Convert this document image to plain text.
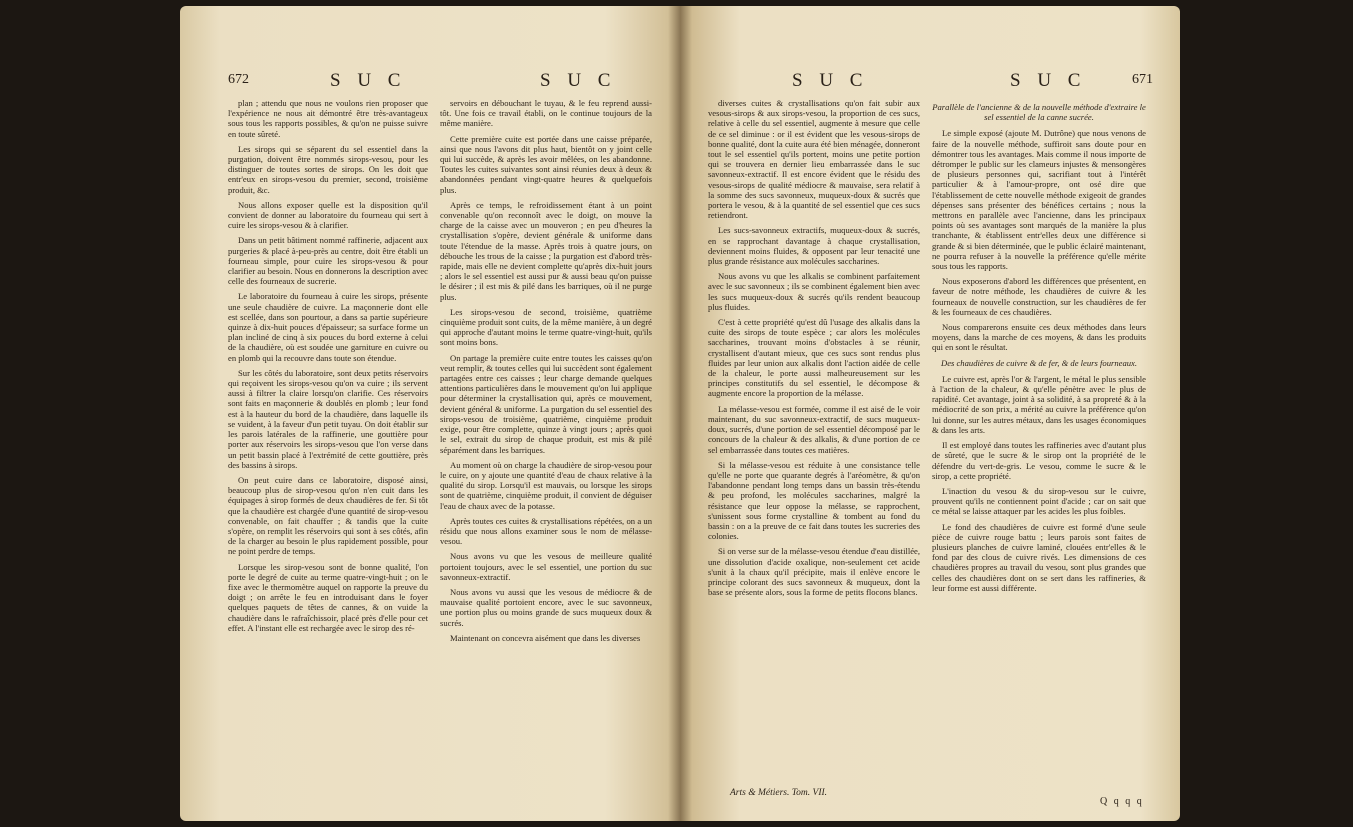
672	S U C	S U C

plan ; attendu que nous ne voulons rien proposer que l'expérience ne nous ait démontré être très-avantageux sous tous les rapports possibles, & qu'on ne puisse suivre en toute sûreté.

Les sirops qui se séparent du sel essentiel dans la purgation, doivent être nommés sirops-vesou, pour les distinguer de toutes sortes de sirops. On les doit que entr'eux en sirops-vesou du premier, second, troisième produit, &c.

Nous allons exposer quelle est la disposition qu'il convient de donner au laboratoire du fourneau qui sert à cuire les sirops-vesou & à clarifier.

Dans un petit bâtiment nommé raffinerie, adjacent aux purgeries & placé à-peu-près au centre, doit être établi un fourneau simple, pour cuire les sirops-vesou & pour clarifier au besoin. Nous en donnerons la description avec celle des fourneaux de sucrerie.

Le laboratoire du fourneau à cuire les sirops, présente une seule chaudière de cuivre. La maçonnerie dont elle est scellée, dans son pourtour, a dans sa partie supérieure quinze à dix-huit pouces d'épaisseur; sa surface forme un plan incliné de cinq à six pouces du bord externe à celui de la chaudière, où est soudée une garniture en cuivre ou en plomb qui la recouvre dans toute son étendue.

Sur les côtés du laboratoire, sont deux petits réservoirs qui reçoivent les sirops-vesou qu'on va cuire ; ils servent aussi à filtrer la claire lorsqu'on clarifie. Ces réservoirs sont faits en maçonnerie & doublés en plomb ; leur fond est à la hauteur du bord de la chaudière, dans laquelle ils se vuident, à la faveur d'un petit tuyau. On doit établir sur les parois latérales de la raffinerie, une gouttière pour porter aux réservoirs les sirops-vesou que l'on verse dans un petit bassin placé à l'extrémité de cette gouttière, près des bassins à sirops.

On peut cuire dans ce laboratoire, disposé ainsi, beaucoup plus de sirop-vesou qu'on n'en cuit dans les équipages à sirop formés de deux chaudières de fer. Si tôt que la chaudière est chargée d'une quantité de sirop-vesou convenable, on fait chauffer ; & tandis que la cuite s'opère, on remplit les réservoirs qui sont à ses côtés, afin de la charger au besoin le plus rapidement possible, pour ne point perdre de temps.

Lorsque les sirop-vesou sont de bonne qualité, l'on porte le degré de cuite au terme quatre-vingt-huit ; on le fixe avec le thermomètre auquel on rapporte la preuve du doigt ; on arrête le feu en introduisant dans le foyer quelques paquets de têtes de cannes, & on vuide la chaudière dans le rafraîchissoir, placé près d'elle pour cet effet. A l'instant elle est rechargée avec le sirop des ré-

servoirs en débouchant le tuyau, & le feu reprend aussi-tôt. Une fois ce travail établi, on le continue toujours de la même manière.

Cette première cuite est portée dans une caisse préparée, ainsi que nous l'avons dit plus haut, bientôt on y joint celle qui lui succède, & après les avoir mêlées, on les abandonne. Toutes les cuites suivantes sont ainsi réunies deux à deux & abandonnées pendant vingt-quatre heures & quelquefois plus.

Après ce temps, le refroidissement étant à un point convenable qu'on reconnoît avec le doigt, on mouve la charge de la caisse avec un mouveron ; en peu d'heures la crystallisation s'opère, devient générale & uniforme dans toute l'étendue de la masse. Après trois à quatre jours, on débouche les trous de la caisse ; la purgation est d'abord très-rapide, mais elle ne devient complette qu'après dix-huit jours ; alors le sel essentiel est aussi pur & aussi beau qu'on puisse le désirer ; il est mis & pilé dans les barriques, où il ne purge plus.

Les sirops-vesou de second, troisième, quatrième cinquième produit sont cuits, de la même manière, à un degré qui approche d'autant moins le terme quatre-vingt-huit, qu'ils sont moins bons.

On partage la première cuite entre toutes les caisses qu'on veut remplir, & toutes celles qui lui succèdent sont également partagées entre ces caisses ; leur charge demande quelques attentions particulières dans le mouvement qu'on lui applique pour déterminer la crystallisation qui, après ce mouvement, devient général & uniforme. La purgation du sel essentiel des sirops-vesou de troisième, quatrième, cinquième produit exige, pour être complette, quinze à vingt jours ; après quoi le sel, extrait du sirop de chaque produit, est mis & pilé séparément dans les barriques.

Au moment où on charge la chaudière de sirop-vesou pour le cuire, on y ajoute une quantité d'eau de chaux relative à la qualité du sirop. Lorsqu'il est mauvais, ou lorsque les sirops sont de quatrième, cinquième produit, il convient de déguiser l'eau de chaux avec de la potasse.

Après toutes ces cuites & crystallisations répétées, on a un résidu que nous allons examiner sous le nom de mélasse-vesou.

Nous avons vu que les vesous de meilleure qualité portoient toujours, avec le sel essentiel, une portion du suc savonneux-extractif.

Nous avons vu aussi que les vesous de médiocre & de mauvaise qualité portoient encore, avec le suc savonneux, une portion plus ou moins grande de sucs muqueux doux & sucrés.

Maintenant on concevra aisément que dans les diverses

S U C	S U C	671

diverses cuites & crystallisations qu'on fait subir aux vesous-sirops & aux sirops-vesou, la proportion de ces sucs, relative à celle du sel essentiel, augmente à mesure que celle de ce sel diminue : or il est évident que les vesous-sirops de bonne qualité, dont la cuite aura été bien ménagée, donneront tout le sel essentiel qu'ils portent, moins une petite portion qui se trouvera en dernier lieu embarrassée dans le suc savonneux-extractif. Il est encore évident que le résidu des vesous-sirops de qualité médiocre & mauvaise, sera relatif à la somme des sucs savonneux, muqueux-doux & sucrés que portera le vesou, & à la quantité de sel essentiel que ces sucs retiendront.

Les sucs-savonneux extractifs, muqueux-doux & sucrés, en se rapprochant davantage à chaque crystallisation, deviennent moins fluides, & opposent par leur tenacité une plus grande résistance aux molécules saccharines.

Nous avons vu que les alkalis se combinent parfaitement avec le suc savonneux ; ils se combinent également bien avec les sucs muqueux-doux & sucrés qu'ils rendent beaucoup plus fluides.

C'est à cette propriété qu'est dû l'usage des alkalis dans la cuite des sirops de toute espèce ; car alors les molécules saccharines, trouvant moins d'obstacles à se réunir, crystallisent d'autant mieux, que ces sucs sont rendus plus fluides par leur union aux alkalis dont l'action aidée de celle de la chaleur, le porte aussi malheureusement sur les principes constitutifs du sel essentiel, le décompose & augmente encore la proportion de la mélasse.

La mélasse-vesou est formée, comme il est aisé de le voir maintenant, du suc savonneux-extractif, de sucs muqueux-doux, sucrés, d'une portion de sel essentiel décomposé par le concours de la chaleur & des alkalis, & d'une portion de ce sel embarrassée dans toutes ces matières.

Si la mélasse-vesou est réduite à une consistance telle qu'elle ne porte que quarante degrés à l'aréomètre, & qu'on l'abandonne pendant long temps dans un bassin très-étendu & peu profond, les molécules saccharines, malgré la résistance que leur oppose la mélasse, se rapprochent, s'unissent sous forme crystalline & tombent au fond du bassin : on a la preuve de ce fait dans toutes les sucreries des colonies.

Si on verse sur de la mélasse-vesou étendue d'eau distillée, une dissolution d'acide oxalique, non-seulement cet acide s'unit à la chaux qu'il précipite, mais il enlève encore le principe colorant des sucs savonneux & muqueux, dont la base se présente alors, sous la forme de petits flocons blancs.

Arts & Métiers. Tom. VII.

Parallèle de l'ancienne & de la nouvelle méthode d'extraire le sel essentiel de la canne sucrée.

Le simple exposé (ajoute M. Dutrône) que nous venons de faire de la nouvelle méthode, suffiroit sans doute pour en démontrer tous les avantages. Mais comme il nous importe de détromper le public sur les clameurs injustes & mensongères de plusieurs personnes qui, sacrifiant tout à l'intérêt particulier & à l'amour-propre, ont osé dire que l'établissement de cette nouvelle méthode exigeoit de grandes dépenses sans présenter des bénéfices certains ; nous la mettrons en parallèle avec l'ancienne, dans les principaux points où ses avantages sont marqués de la manière la plus tranchante, & établissent entr'elles deux une différence si grande & si bien déterminée, que le public éclairé maintenant, ne pourra refuser à la nouvelle la préférence qu'elle mérite sous tous les rapports.

Nous exposerons d'abord les différences que présentent, en faveur de notre méthode, les chaudières de cuivre & les fourneaux de nouvelle construction, sur les chaudières de fer & les fourneaux de ces chaudières.

Nous comparerons ensuite ces deux méthodes dans leurs moyens, dans la marche de ces moyens, & dans les produits qui en sont le résultat.

Des chaudières de cuivre & de fer, & de leurs fourneaux.

Le cuivre est, après l'or & l'argent, le métal le plus sensible à l'action de la chaleur, & qu'elle pénètre avec le plus de rapidité. Cet avantage, joint à sa solidité, à sa propreté & à la médiocrité de son prix, a mérité au cuivre la préférence qu'on lui donne, sur les autres métaux, dans les usages économiques & dans les arts.

Il est employé dans toutes les raffineries avec d'autant plus de sûreté, que le sucre & le sirop ont la propriété de le défendre du vert-de-gris. Le vesou, comme le sucre & le sirop, a cette propriété.

L'inaction du vesou & du sirop-vesou sur le cuivre, prouvent qu'ils ne contiennent point d'acide ; car on sait que ce métal se laisse attaquer par les acides les plus foibles.

Le fond des chaudières de cuivre est formé d'une seule pièce de cuivre rouge battu ; leurs parois sont faites de plusieurs planches de cuivre laminé, clouées entr'elles & le fond par des clous de cuivre rivés. Les dimensions de ces chaudières propres au travail du vesou, sont plus grandes que celles des chaudières dont on se sert dans les raffineries, & leur forme est aussi différente.

Q q q q
